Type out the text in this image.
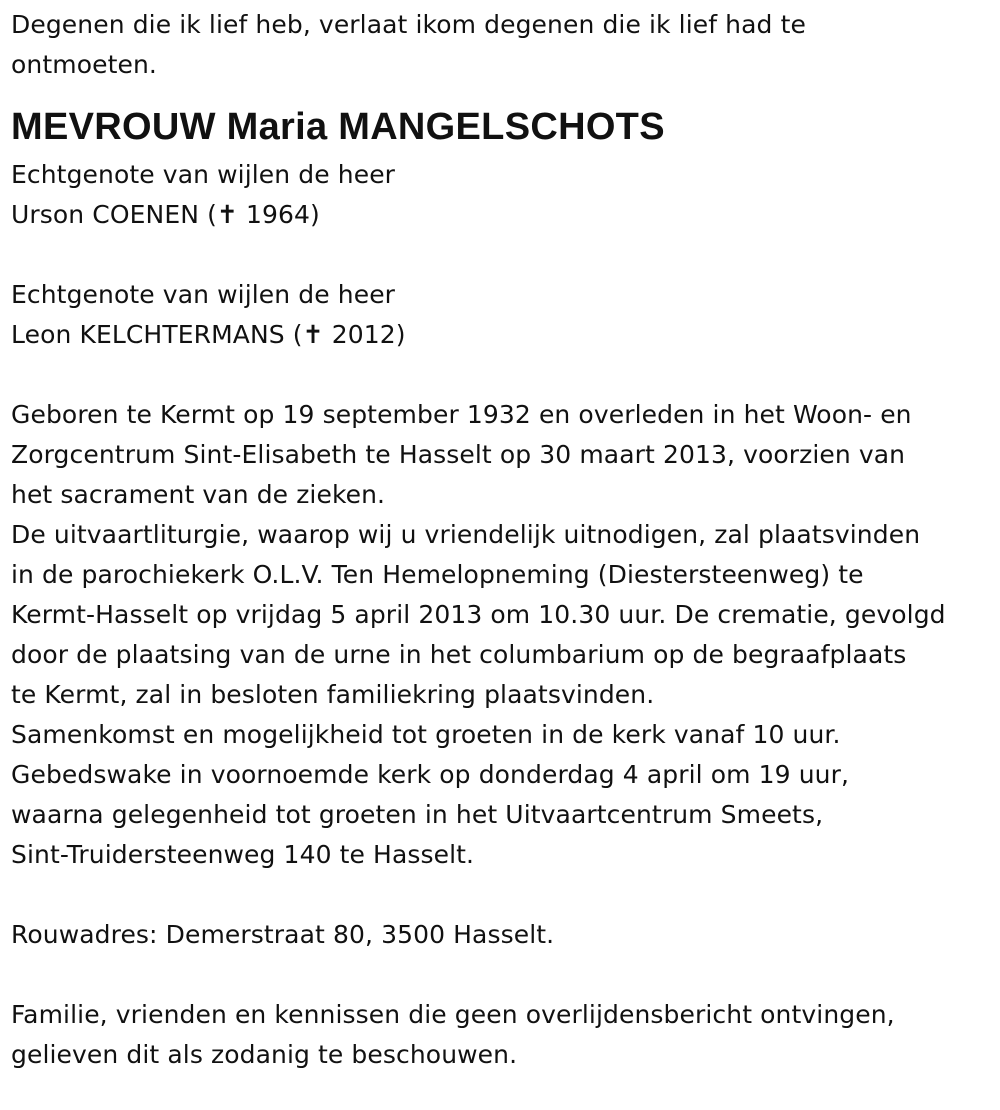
Degenen die ik lief heb, verlaat ikom degenen die ik lief had te
ontmoeten.
MEVROUW Maria MANGELSCHOTS
Echtgenote van wijlen de heer
Urson COENEN (✝ 1964)
Echtgenote van wijlen de heer
Leon KELCHTERMANS (✝ 2012)
Geboren te Kermt op 19 september 1932 en overleden in het Woon- en
Zorgcentrum Sint-Elisabeth te Hasselt op 30 maart 2013, voorzien van
het sacrament van de zieken.
De uitvaartliturgie, waarop wij u vriendelijk uitnodigen, zal plaatsvinden
in de parochiekerk O.L.V. Ten Hemelopneming (Diestersteenweg) te
Kermt-Hasselt op vrijdag 5 april 2013 om 10.30 uur. De crematie, gevolgd
door de plaatsing van de urne in het columbarium op de begraafplaats
te Kermt, zal in besloten familiekring plaatsvinden.
Samenkomst en mogelijkheid tot groeten in de kerk vanaf 10 uur.
Gebedswake in voornoemde kerk op donderdag 4 april om 19 uur,
waarna gelegenheid tot groeten in het Uitvaartcentrum Smeets,
Sint-Truidersteenweg 140 te Hasselt.
Rouwadres: Demerstraat 80, 3500 Hasselt.
Familie, vrienden en kennissen die geen overlijdensbericht ontvingen,
gelieven dit als zodanig te beschouwen.
